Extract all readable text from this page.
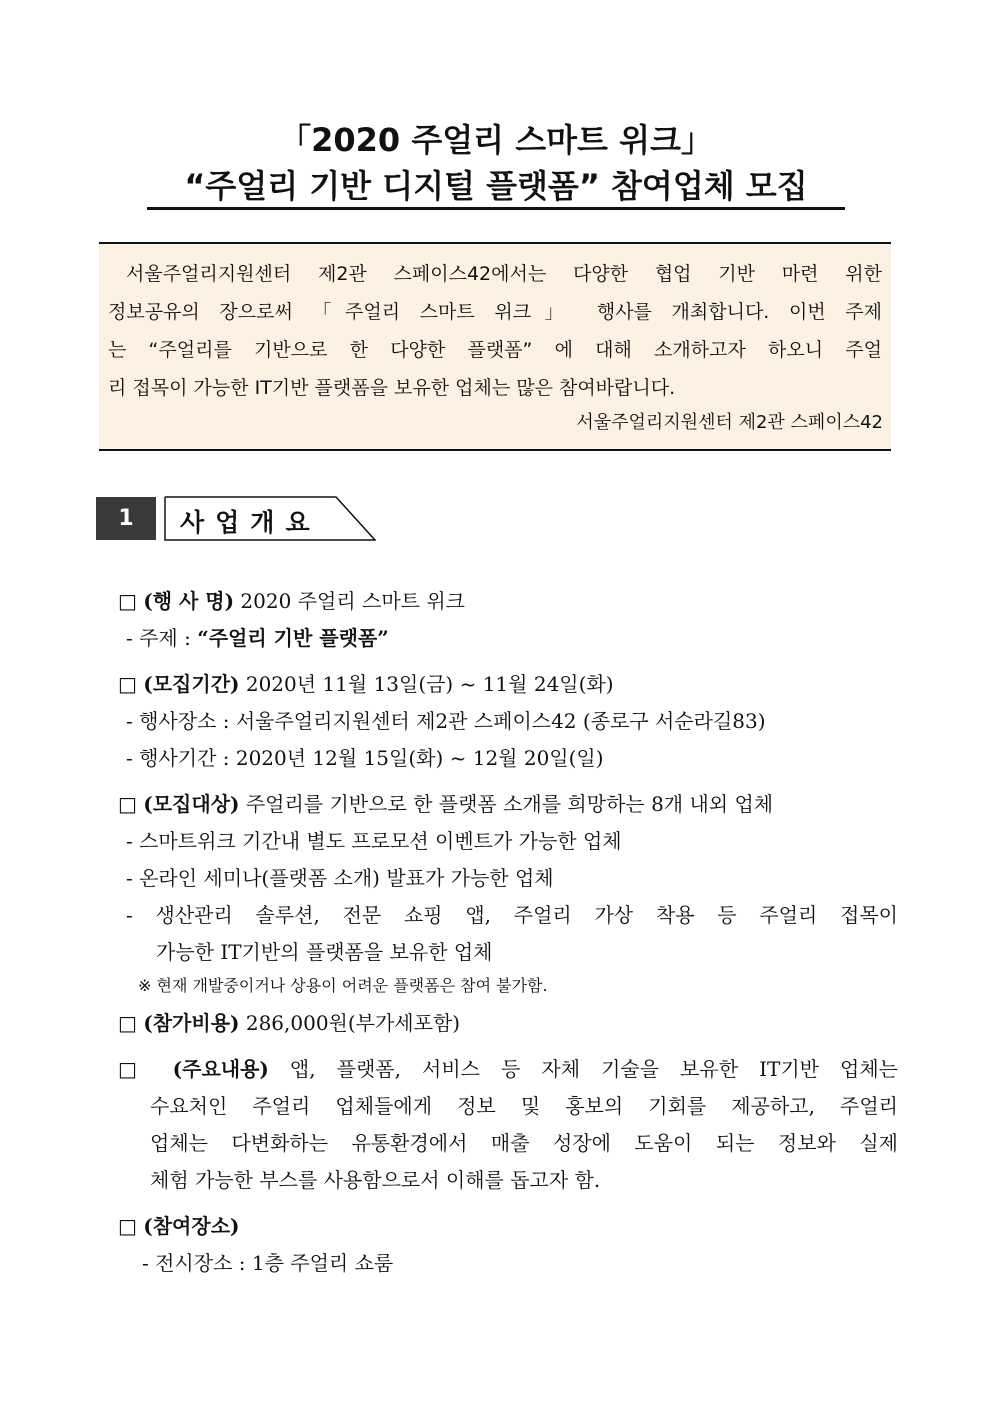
「2020 주얼리 스마트 위크」
“주얼리 기반 디지털 플랫폼” 참여업체 모집

서울주얼리지원센터 제2관 스페이스42에서는 다양한 협업 기반 마련 위한

정보공유의 장으로써 「주얼리 스마트 위크」 행사를 개최합니다. 이번 주제

는 “주얼리를 기반으로 한 다양한 플랫폼” 에 대해 소개하고자 하오니 주얼

리 접목이 가능한 IT기반 플랫폼을 보유한 업체는 많은 참여바랍니다.

서울주얼리지원센터 제2관 스페이스42
1	사업개요
□ (행 사 명) 2020 주얼리 스마트 위크
- 주제 : “주얼리 기반 플랫폼”
□ (모집기간) 2020년 11월 13일(금) ~ 11월 24일(화)
- 행사장소 : 서울주얼리지원센터 제2관 스페이스42 (종로구 서순라길83)
- 행사기간 : 2020년 12월 15일(화) ~ 12월 20일(일)
□ (모집대상) 주얼리를 기반으로 한 플랫폼 소개를 희망하는 8개 내외 업체
- 스마트위크 기간내 별도 프로모션 이벤트가 가능한 업체
- 온라인 세미나(플랫폼 소개) 발표가 가능한 업체
- 생산관리 솔루션, 전문 쇼핑 앱, 주얼리 가상 착용 등 주얼리 접목이
가능한 IT기반의 플랫폼을 보유한 업체
※ 현재 개발중이거나 상용이 어려운 플랫폼은 참여 불가함.
□ (참가비용) 286,000원(부가세포함)
□ (주요내용) 앱, 플랫폼, 서비스 등 자체 기술을 보유한 IT기반 업체는
수요처인 주얼리 업체들에게 정보 및 홍보의 기회를 제공하고, 주얼리
업체는 다변화하는 유통환경에서 매출 성장에 도움이 되는 정보와 실제
체험 가능한 부스를 사용함으로서 이해를 돕고자 함.
□ (참여장소)
- 전시장소 : 1층 주얼리 쇼룸
